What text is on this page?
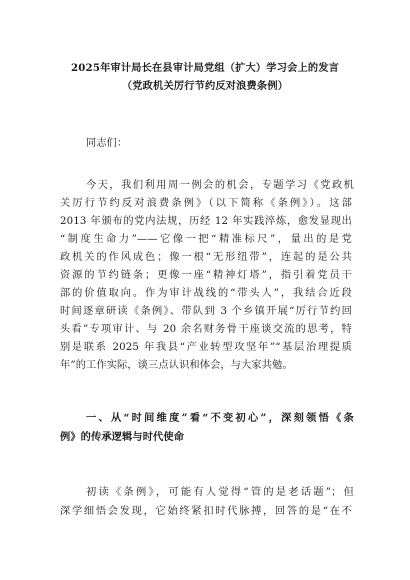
2025年审计局长在县审计局党组（扩大）学习会上的发言
（党政机关厉行节约反对浪费条例）
同志们：
今天，我们利用周一例会的机会，专题学习《党政机
关厉行节约反对浪费条例》（以下简称《条例》）。这部
2013 年颁布的党内法规，历经 12 年实践淬炼，愈发显现出
“制度生命力”——它像一把“精准标尺”，量出的是党
政机关的作风成色；像一根“无形纽带”，连起的是公共
资源的节约链条；更像一座“精神灯塔”，指引着党员干
部的价值取向。作为审计战线的“带头人”，我结合近段
时间逐章研读《条例》、带队到 3 个乡镇开展“厉行节约回
头看”专项审计、与 20 余名财务骨干座谈交流的思考，特
别是联系 2025 年我县“产业转型攻坚年”“基层治理提质
年”的工作实际，谈三点认识和体会，与大家共勉。
一、从“时间维度”看“不变初心”，深刻领悟《条
例》的传承逻辑与时代使命
初读《条例》，可能有人觉得“管的是老话题”；但
深学细悟会发现，它始终紧扣时代脉搏，回答的是“在不
